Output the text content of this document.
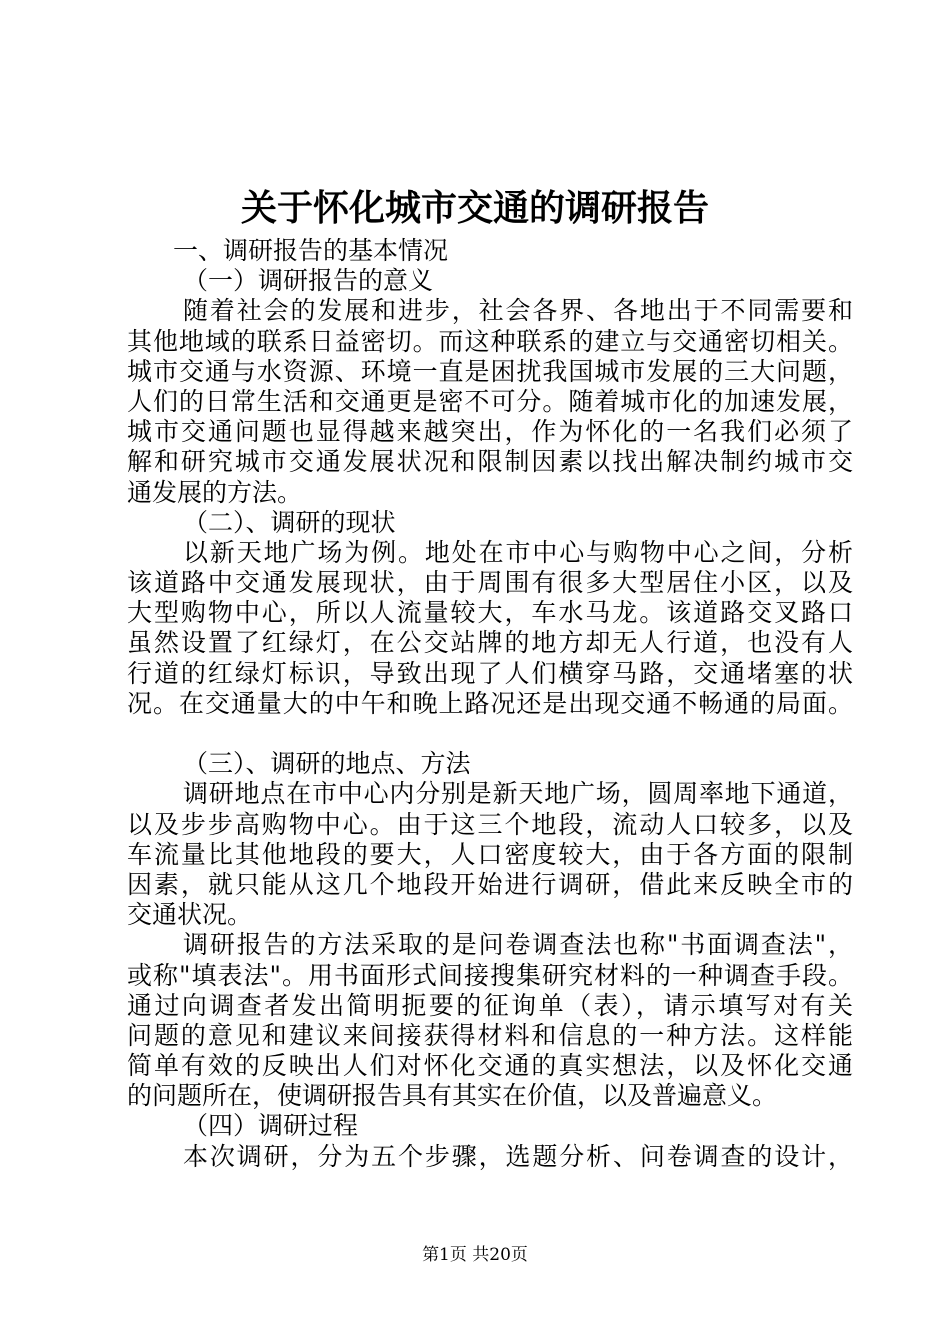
关于怀化城市交通的调研报告
一、调研报告的基本情况
（一）调研报告的意义
随着社会的发展和进步，社会各界、各地出于不同需要和
其他地域的联系日益密切。而这种联系的建立与交通密切相关。
城市交通与水资源、环境一直是困扰我国城市发展的三大问题，
人们的日常生活和交通更是密不可分。随着城市化的加速发展，
城市交通问题也显得越来越突出，作为怀化的一名我们必须了
解和研究城市交通发展状况和限制因素以找出解决制约城市交
通发展的方法。
（二）、调研的现状
以新天地广场为例。地处在市中心与购物中心之间，分析
该道路中交通发展现状，由于周围有很多大型居住小区，以及
大型购物中心，所以人流量较大，车水马龙。该道路交叉路口
虽然设置了红绿灯，在公交站牌的地方却无人行道，也没有人
行道的红绿灯标识，导致出现了人们横穿马路，交通堵塞的状
况。在交通量大的中午和晚上路况还是出现交通不畅通的局面。
（三）、调研的地点、方法
调研地点在市中心内分别是新天地广场，圆周率地下通道，
以及步步高购物中心。由于这三个地段，流动人口较多，以及
车流量比其他地段的要大，人口密度较大，由于各方面的限制
因素，就只能从这几个地段开始进行调研，借此来反映全市的
交通状况。
调研报告的方法采取的是问卷调查法也称"书面调查法"，
或称"填表法"。用书面形式间接搜集研究材料的一种调查手段。
通过向调查者发出简明扼要的征询单（表），请示填写对有关
问题的意见和建议来间接获得材料和信息的一种方法。这样能
简单有效的反映出人们对怀化交通的真实想法，以及怀化交通
的问题所在，使调研报告具有其实在价值，以及普遍意义。
（四）调研过程
本次调研，分为五个步骤，选题分析、问卷调查的设计，
第1页 共20页
